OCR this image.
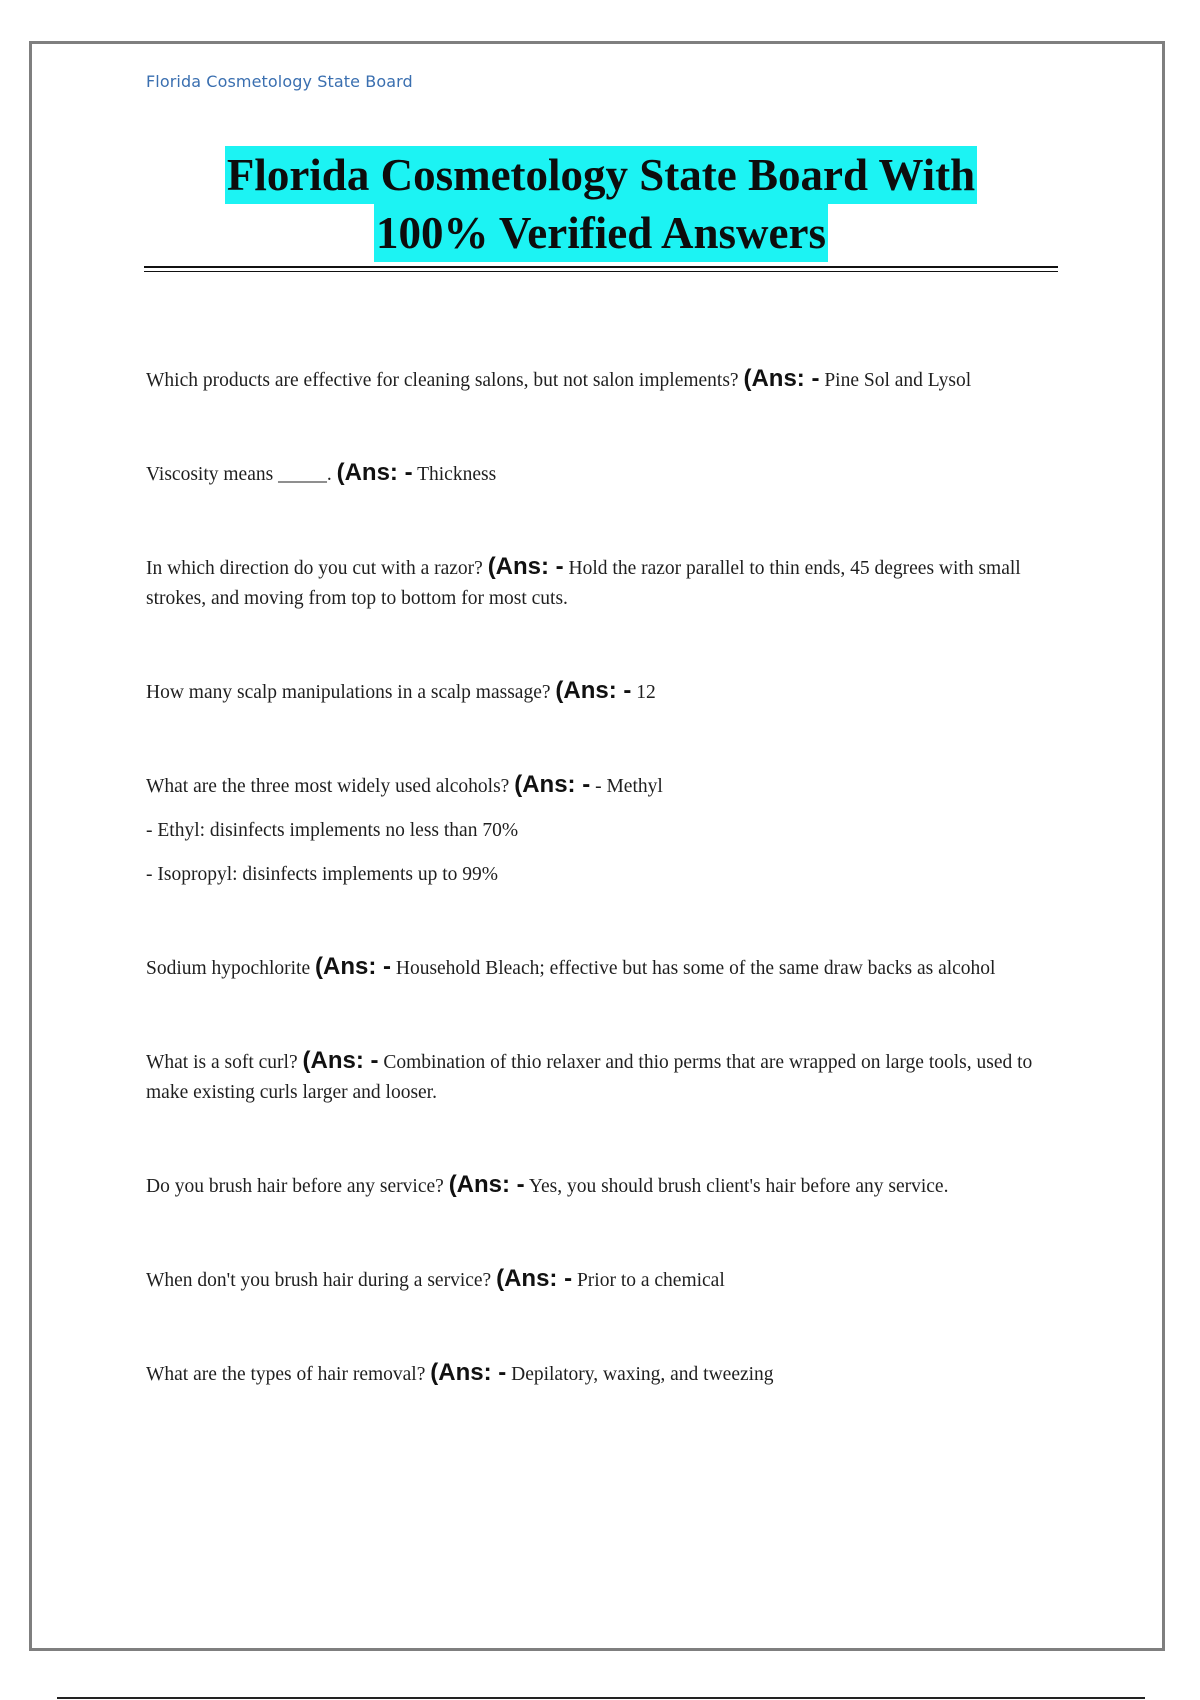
Florida Cosmetology State Board
Florida Cosmetology State Board With
100% Verified Answers
Which products are effective for cleaning salons, but not salon implements? (Ans: - Pine Sol and Lysol
Viscosity means _____. (Ans: - Thickness
In which direction do you cut with a razor? (Ans: - Hold the razor parallel to thin ends, 45 degrees with small strokes, and moving from top to bottom for most cuts.
How many scalp manipulations in a scalp massage? (Ans: - 12
What are the three most widely used alcohols? (Ans: - - Methyl
- Ethyl: disinfects implements no less than 70%
- Isopropyl: disinfects implements up to 99%
Sodium hypochlorite (Ans: - Household Bleach; effective but has some of the same draw backs as alcohol
What is a soft curl? (Ans: - Combination of thio relaxer and thio perms that are wrapped on large tools, used to make existing curls larger and looser.
Do you brush hair before any service? (Ans: - Yes, you should brush client's hair before any service.
When don't you brush hair during a service? (Ans: - Prior to a chemical
What are the types of hair removal? (Ans: - Depilatory, waxing, and tweezing
